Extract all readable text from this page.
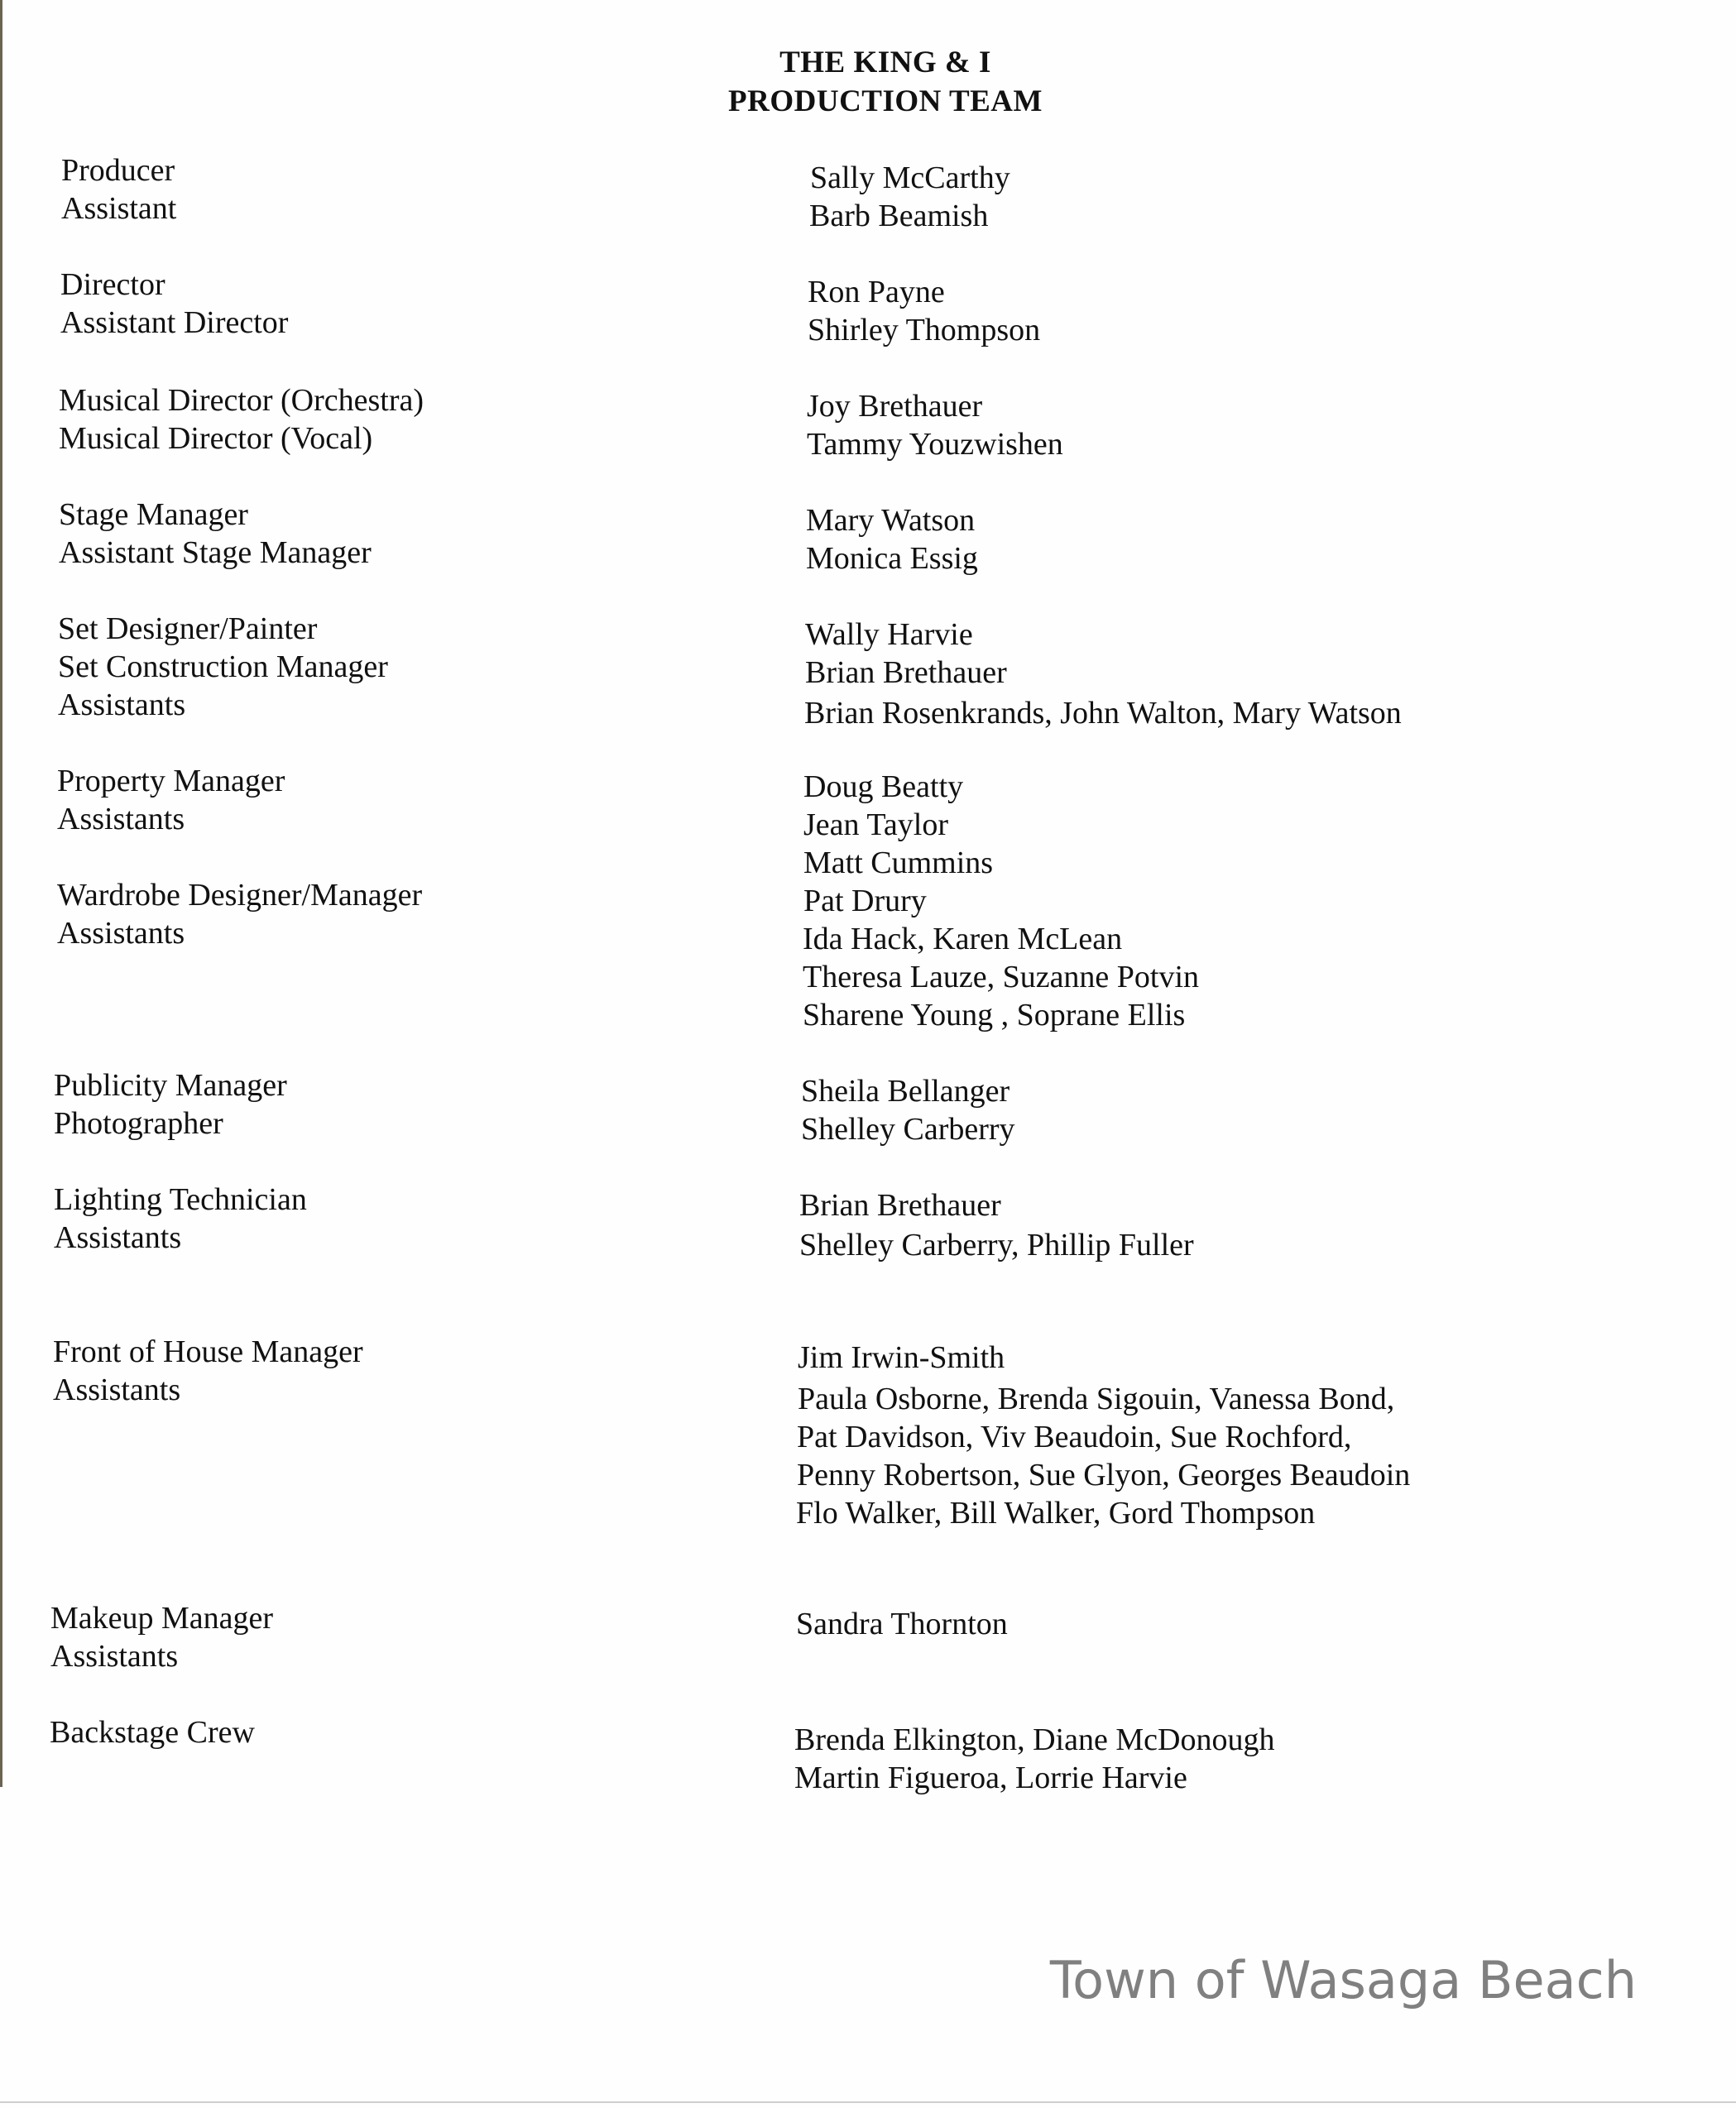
THE KING & I
PRODUCTION TEAM
Producer
Assistant
Director
Assistant Director
Musical Director (Orchestra)
Musical Director (Vocal)
Stage Manager
Assistant Stage Manager
Set Designer/Painter
Set Construction Manager
Assistants
Property Manager
Assistants
Wardrobe Designer/Manager
Assistants
Publicity Manager
Photographer
Lighting Technician
Assistants
Front of House Manager
Assistants
Makeup Manager
Assistants
Backstage Crew
Sally McCarthy
Barb Beamish
Ron Payne
Shirley Thompson
Joy Brethauer
Tammy Youzwishen
Mary Watson
Monica Essig
Wally Harvie
Brian Brethauer
Brian Rosenkrands, John Walton, Mary Watson
Doug Beatty
Jean Taylor
Matt Cummins
Pat Drury
Ida Hack, Karen McLean
Theresa Lauze, Suzanne Potvin
Sharene Young , Soprane Ellis
Sheila Bellanger
Shelley Carberry
Brian Brethauer
Shelley Carberry, Phillip Fuller
Jim Irwin-Smith
Paula Osborne, Brenda Sigouin, Vanessa Bond,
Pat Davidson, Viv Beaudoin, Sue Rochford,
Penny Robertson, Sue Glyon, Georges Beaudoin
Flo Walker, Bill Walker, Gord Thompson
Sandra Thornton
Brenda Elkington, Diane McDonough
Martin Figueroa, Lorrie Harvie
Town of Wasaga Beach
